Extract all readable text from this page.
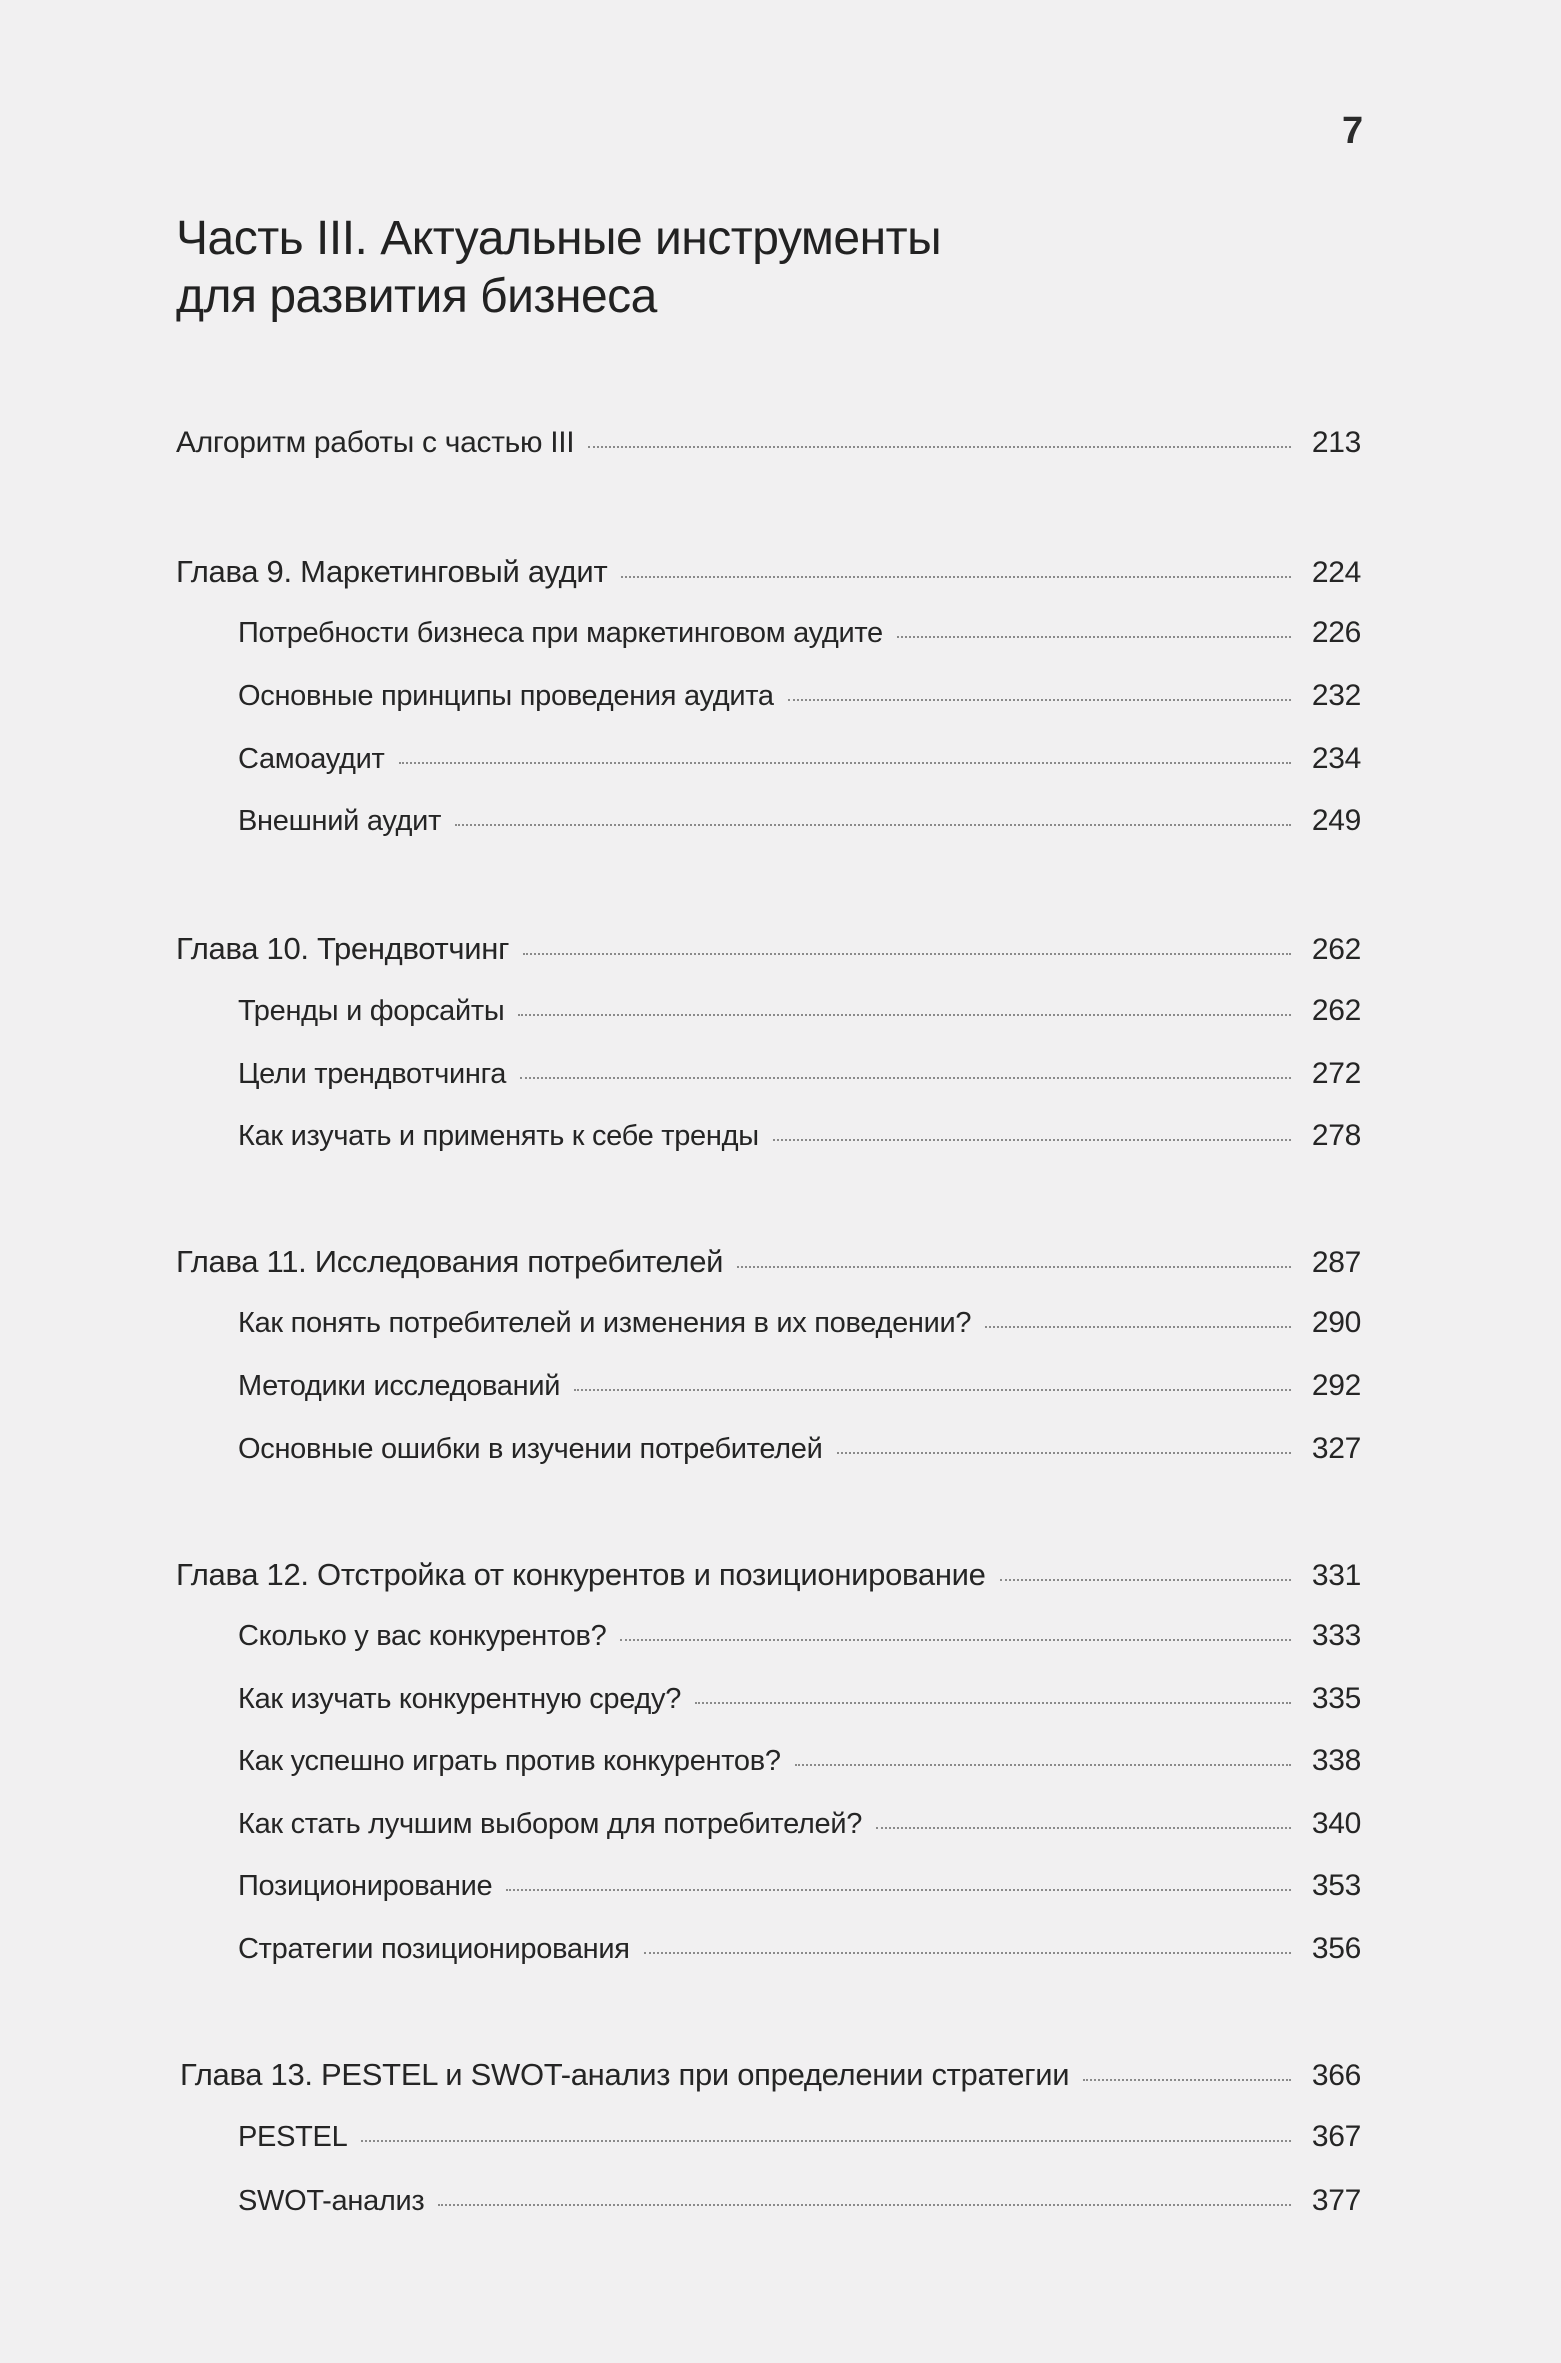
7
Часть III. Актуальные инструменты
для развития бизнеса
Алгоритм работы с частью III	213
Глава 9. Маркетинговый аудит	224
Потребности бизнеса при маркетинговом аудите	226
Основные принципы проведения аудита	232
Самоаудит	234
Внешний аудит	249
Глава 10. Трендвотчинг	262
Тренды и форсайты	262
Цели трендвотчинга	272
Как изучать и применять к себе тренды	278
Глава 11. Исследования потребителей	287
Как понять потребителей и изменения в их поведении?	290
Методики исследований	292
Основные ошибки в изучении потребителей	327
Глава 12. Отстройка от конкурентов и позиционирование	331
Сколько у вас конкурентов?	333
Как изучать конкурентную среду?	335
Как успешно играть против конкурентов?	338
Как стать лучшим выбором для потребителей?	340
Позиционирование	353
Стратегии позиционирования	356
Глава 13. PESTEL и SWOT-анализ при определении стратегии	366
PESTEL	367
SWOT-анализ	377
